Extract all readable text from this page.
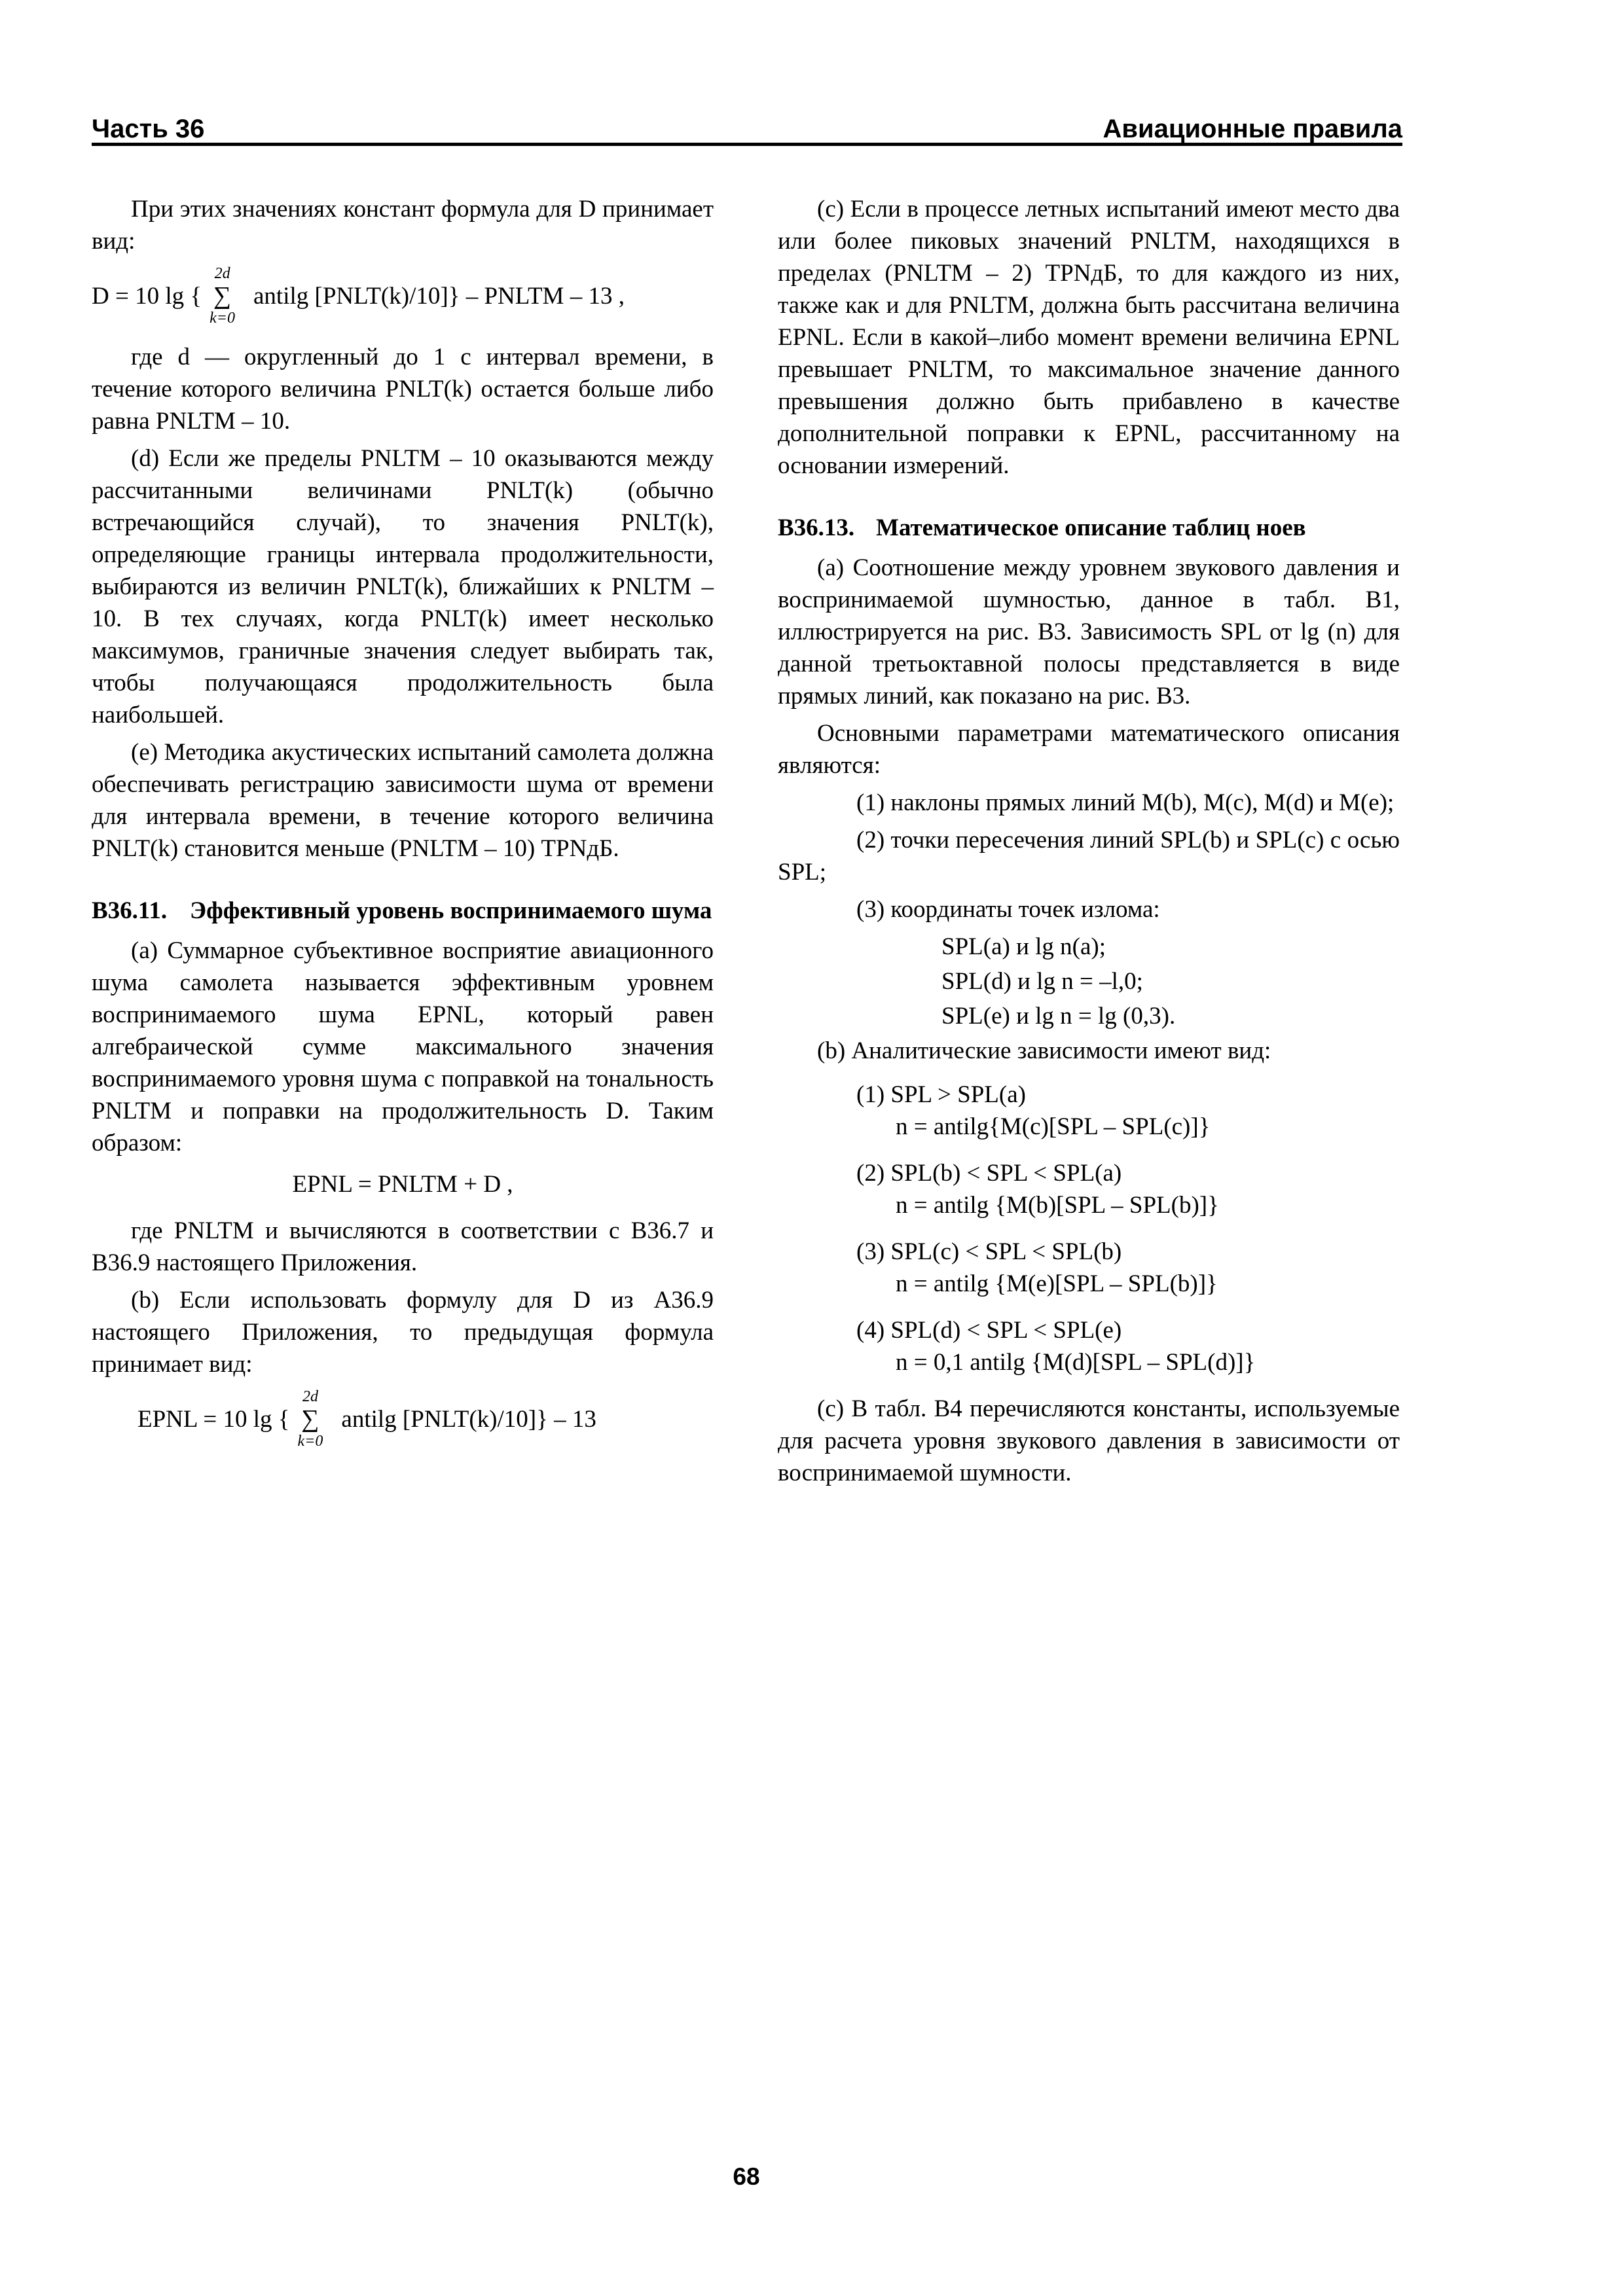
Часть 36	Авиационные правила

При этих значениях констант формула для D принимает вид:

D = 10 lg {
2d
∑
k=0
antilg [PNLT(k)/10]} – PNLTM – 13 ,

где d — округленный до 1 с интервал времени, в течение которого величина PNLT(k) остается больше либо равна PNLTM – 10.

(d) Если же пределы PNLTM – 10 оказываются между рассчитанными величинами PNLT(k) (обычно встречающийся случай), то значения PNLT(k), определяющие границы интервала продолжительности, выбираются из величин PNLT(k), ближайших к PNLTM – 10. В тех случаях, когда PNLT(k) имеет несколько максимумов, граничные значения следует выбирать так, чтобы получающаяся продолжительность была наибольшей.

(e) Методика акустических испытаний самолета должна обеспечивать регистрацию зависимости шума от времени для интервала времени, в течение которого величина PNLT(k) становится меньше (PNLTM – 10) TPNдБ.

В36.11. Эффективный уровень воспринимаемого шума

(a) Суммарное субъективное восприятие авиационного шума самолета называется эффективным уровнем воспринимаемого шума EPNL, который равен алгебраической сумме максимального значения воспринимаемого уровня шума с поправкой на тональность PNLTM и поправки на продолжительность D. Таким образом:

EPNL = PNLTM + D ,

где PNLTM и вычисляются в соответствии с В36.7 и В36.9 настоящего Приложения.

(b) Если использовать формулу для D из А36.9 настоящего Приложения, то предыдущая формула принимает вид:

EPNL = 10 lg {
2d
∑
k=0
antilg [PNLT(k)/10]} – 13

(c) Если в процессе летных испытаний имеют место два или более пиковых значений PNLTM, находящихся в пределах (PNLTM – 2) TPNдБ, то для каждого из них, также как и для PNLTM, должна быть рассчитана величина EPNL. Если в какой–либо момент времени величина EPNL превышает PNLTM, то максимальное значение данного превышения должно быть прибавлено в качестве дополнительной поправки к EPNL, рассчитанному на основании измерений.

В36.13. Математическое описание таблиц ноев

(a) Соотношение между уровнем звукового давления и воспринимаемой шумностью, данное в табл. В1, иллюстрируется на рис. В3. Зависимость SPL от lg (n) для данной третьоктавной полосы представляется в виде прямых линий, как показано на рис. В3.

Основными параметрами математического описания являются:

(1) наклоны прямых линий M(b), M(c), M(d) и M(e);

(2) точки пересечения линий SPL(b) и SPL(c) с осью SPL;

(3) координаты точек излома:

SPL(a) и lg n(a);

SPL(d) и lg n = –l,0;

SPL(e) и lg n = lg (0,3).

(b) Аналитические зависимости имеют вид:

(1) SPL > SPL(a)
n = antilg{M(c)[SPL – SPL(c)]}
(2) SPL(b) < SPL < SPL(a)
n = antilg {M(b)[SPL – SPL(b)]}
(3) SPL(c) < SPL < SPL(b)
n = antilg {M(e)[SPL – SPL(b)]}
(4) SPL(d) < SPL < SPL(e)
n = 0,1 antilg {M(d)[SPL – SPL(d)]}

(c) В табл. В4 перечисляются константы, используемые для расчета уровня звукового давления в зависимости от воспринимаемой шумности.

68
